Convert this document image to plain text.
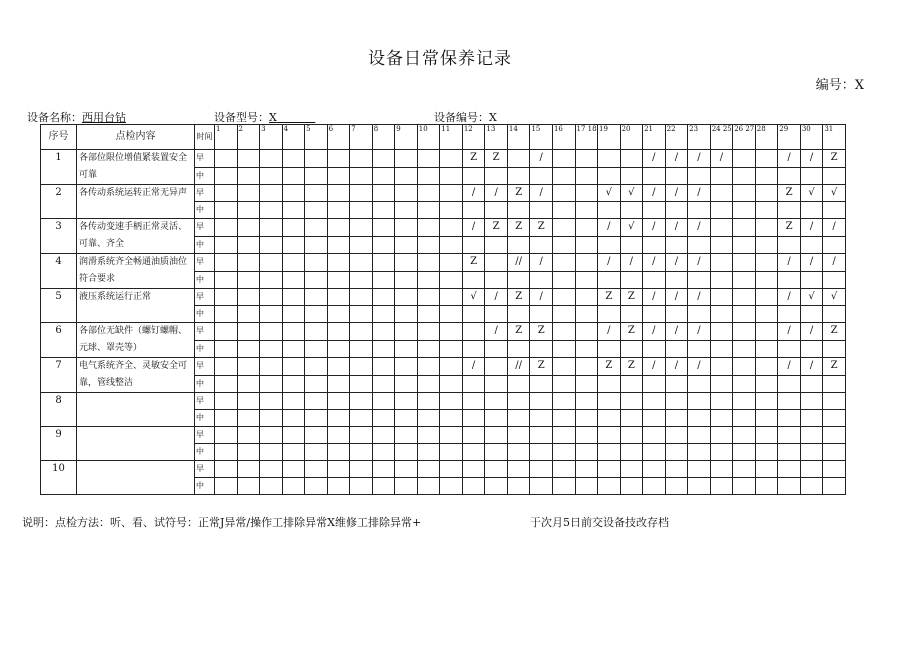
设备日常保养记录
编号：X
设备名称：西用台钻	设备型号：X	设备编号：X
序号	点检内容	时间	1	2	3	4	5	6	7	8	9	10	11	12	13	14	15	16	17 18	19	20	21	22	23	24 25	26 27	28	29	30	31
1	各部位限位增值紧装置安全可靠	早												Z	Z		/					/	/	/	/			/	/	Z
		中																												
2	各传动系统运转正常无异声	早												/	/	Z	/			√	√	/	/	/				Z	√	√
		中																												
3	各传动变速手柄正常灵活、可靠、齐全	早												/	Z	Z	Z			/	√	/	/	/				Z	/	/
		中																												
4	润滑系统齐全畅通油质油位符合要求	早												Z		//	/			/	/	/	/	/				/	/	/
		中																												
5	液压系统运行正常	早												√	/	Z	/			Z	Z	/	/	/				/	√	√
		中																												
6	各部位无缺件（螺钉螺帽、元球、罩壳等）	早													/	Z	Z			/	Z	/	/	/				/	/	Z
		中																												
7	电气系统齐全、灵敏安全可靠，管线整洁	早												/		//	Z			Z	Z	/	/	/				/	/	Z
		中																												
8		早																												
		中																												
9		早																												
		中																												
10		早																												
		中																												
说明：点检方法：听、看、试符号：正常J异常/操作工排除异常X维修工排除异常+	于次月5日前交设备技改存档
